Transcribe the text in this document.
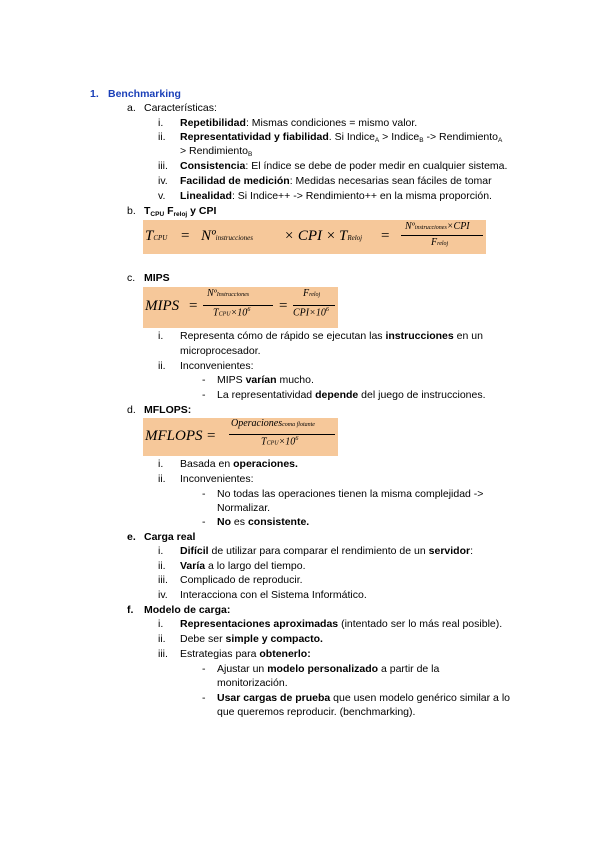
1. Benchmarking
a. Características:
i. Repetibilidad: Mismas condiciones = mismo valor.
ii. Representatividad y fiabilidad. Si Indice$_A$ > Indice$_B$ -> Rendimiento$_A$
> Rendimiento$_B$
iii. Consistencia: El índice se debe de poder medir en cualquier sistema.
iv. Facilidad de medición: Medidas necesarias sean fáciles de tomar
v. Linealidad: Si Indice++ -> Rendimiento++ en la misma proporción.
b. $T_{CPU}$ $F_{reloj}$ y CPI
TCPU = Nºinstrucciones × CPI × TReloj =
Nºinstrucciones×CPI
Freloj
c. MIPS
MIPS =
NºInstrucciones
$TCPU\times 10^6$ =
Freloj
$CPI\times 10^6$
i. Representa cómo de rápido se ejecutan las instrucciones en un
microprocesador.
ii. Inconvenientes:
- MIPS varían mucho.
- La representatividad depende del juego de instrucciones.
d. MFLOPS:
MFLOPS =
Operacionescoma flotante
$TCPU\times 10^6$
i. Basada en operaciones.
ii. Inconvenientes:
- No todas las operaciones tienen la misma complejidad ->
Normalizar.
- No es consistente.
e. Carga real
i. Difícil de utilizar para comparar el rendimiento de un servidor:
ii. Varía a lo largo del tiempo.
iii. Complicado de reproducir.
iv. Interacciona con el Sistema Informático.
f. Modelo de carga:
i. Representaciones aproximadas (intentado ser lo más real posible).
ii. Debe ser simple y compacto.
iii. Estrategias para obtenerlo:
- Ajustar un modelo personalizado a partir de la
monitorización.
- Usar cargas de prueba que usen modelo genérico similar a lo
que queremos reproducir. (benchmarking).
